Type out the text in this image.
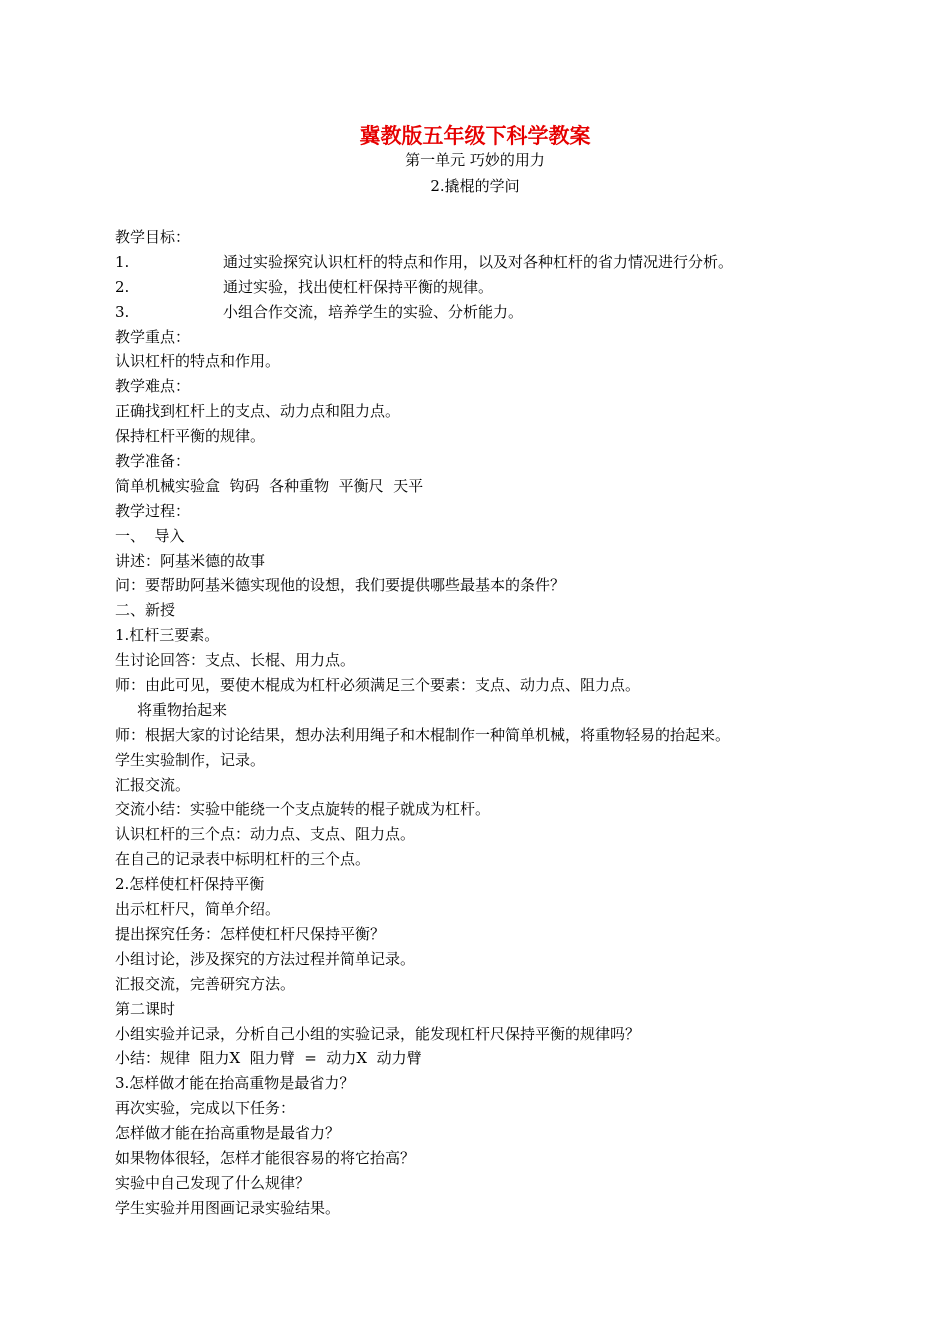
冀教版五年级下科学教案
第一单元 巧妙的用力
2.撬棍的学问
教学目标：
1.	通过实验探究认识杠杆的特点和作用，以及对各种杠杆的省力情况进行分析。
2.	通过实验，找出使杠杆保持平衡的规律。
3.	小组合作交流，培养学生的实验、分析能力。
教学重点：
认识杠杆的特点和作用。
教学难点：
正确找到杠杆上的支点、动力点和阻力点。
保持杠杆平衡的规律。
教学准备：
简单机械实验盒  钩码  各种重物  平衡尺  天平
教学过程：
一、  导入
讲述：阿基米德的故事
问：要帮助阿基米德实现他的设想，我们要提供哪些最基本的条件？
二、新授
1.杠杆三要素。
生讨论回答：支点、长棍、用力点。
师：由此可见，要使木棍成为杠杆必须满足三个要素：支点、动力点、阻力点。
将重物抬起来
师：根据大家的讨论结果，想办法利用绳子和木棍制作一种简单机械，将重物轻易的抬起来。
学生实验制作，记录。
汇报交流。
交流小结：实验中能绕一个支点旋转的棍子就成为杠杆。
认识杠杆的三个点：动力点、支点、阻力点。
在自己的记录表中标明杠杆的三个点。
2.怎样使杠杆保持平衡
出示杠杆尺，简单介绍。
提出探究任务：怎样使杠杆尺保持平衡？
小组讨论，涉及探究的方法过程并简单记录。
汇报交流，完善研究方法。
第二课时
小组实验并记录，分析自己小组的实验记录，能发现杠杆尺保持平衡的规律吗？
小结：规律  阻力X  阻力臂  =  动力X  动力臂
3.怎样做才能在抬高重物是最省力？
再次实验，完成以下任务：
怎样做才能在抬高重物是最省力？
如果物体很轻，怎样才能很容易的将它抬高？
实验中自己发现了什么规律？
学生实验并用图画记录实验结果。
